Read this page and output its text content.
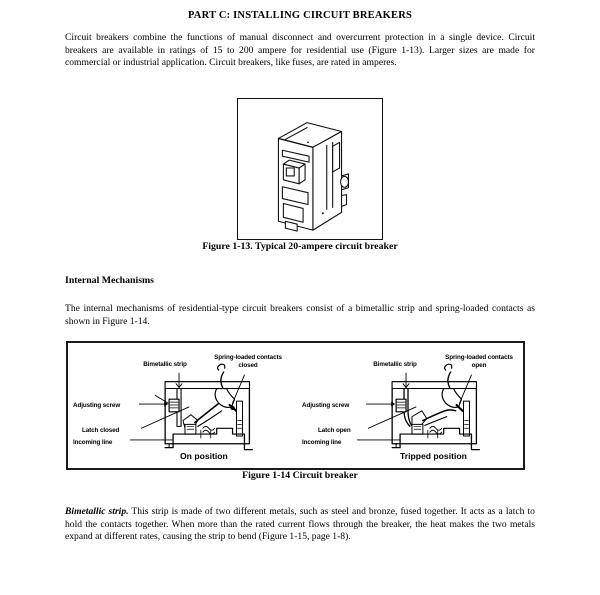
PART C: INSTALLING CIRCUIT BREAKERS
Circuit breakers combine the functions of manual disconnect and overcurrent protection in a single device. Circuit breakers are available in ratings of 15 to 200 ampere for residential use (Figure 1-13). Larger sizes are made for commercial or industrial application. Circuit breakers, like fuses, are rated in amperes.
Figure 1-13. Typical 20-ampere circuit breaker
Internal Mechanisms
The internal mechanisms of residential-type circuit breakers consist of a bimetallic strip and spring-loaded contacts as shown in Figure 1-14.
Bimetallic strip
Spring-loaded contacts closed
Adjusting screw
Latch closed
Incoming line
On position
Bimetallic strip
Spring-loaded contacts open
Adjusting screw
Latch open
Incoming line
Tripped position
Figure 1-14 Circuit breaker
Bimetallic strip. This strip is made of two different metals, such as steel and bronze, fused together. It acts as a latch to hold the contacts together. When more than the rated current flows through the breaker, the heat makes the two metals expand at different rates, causing the strip to bend (Figure 1-15, page 1-8).
